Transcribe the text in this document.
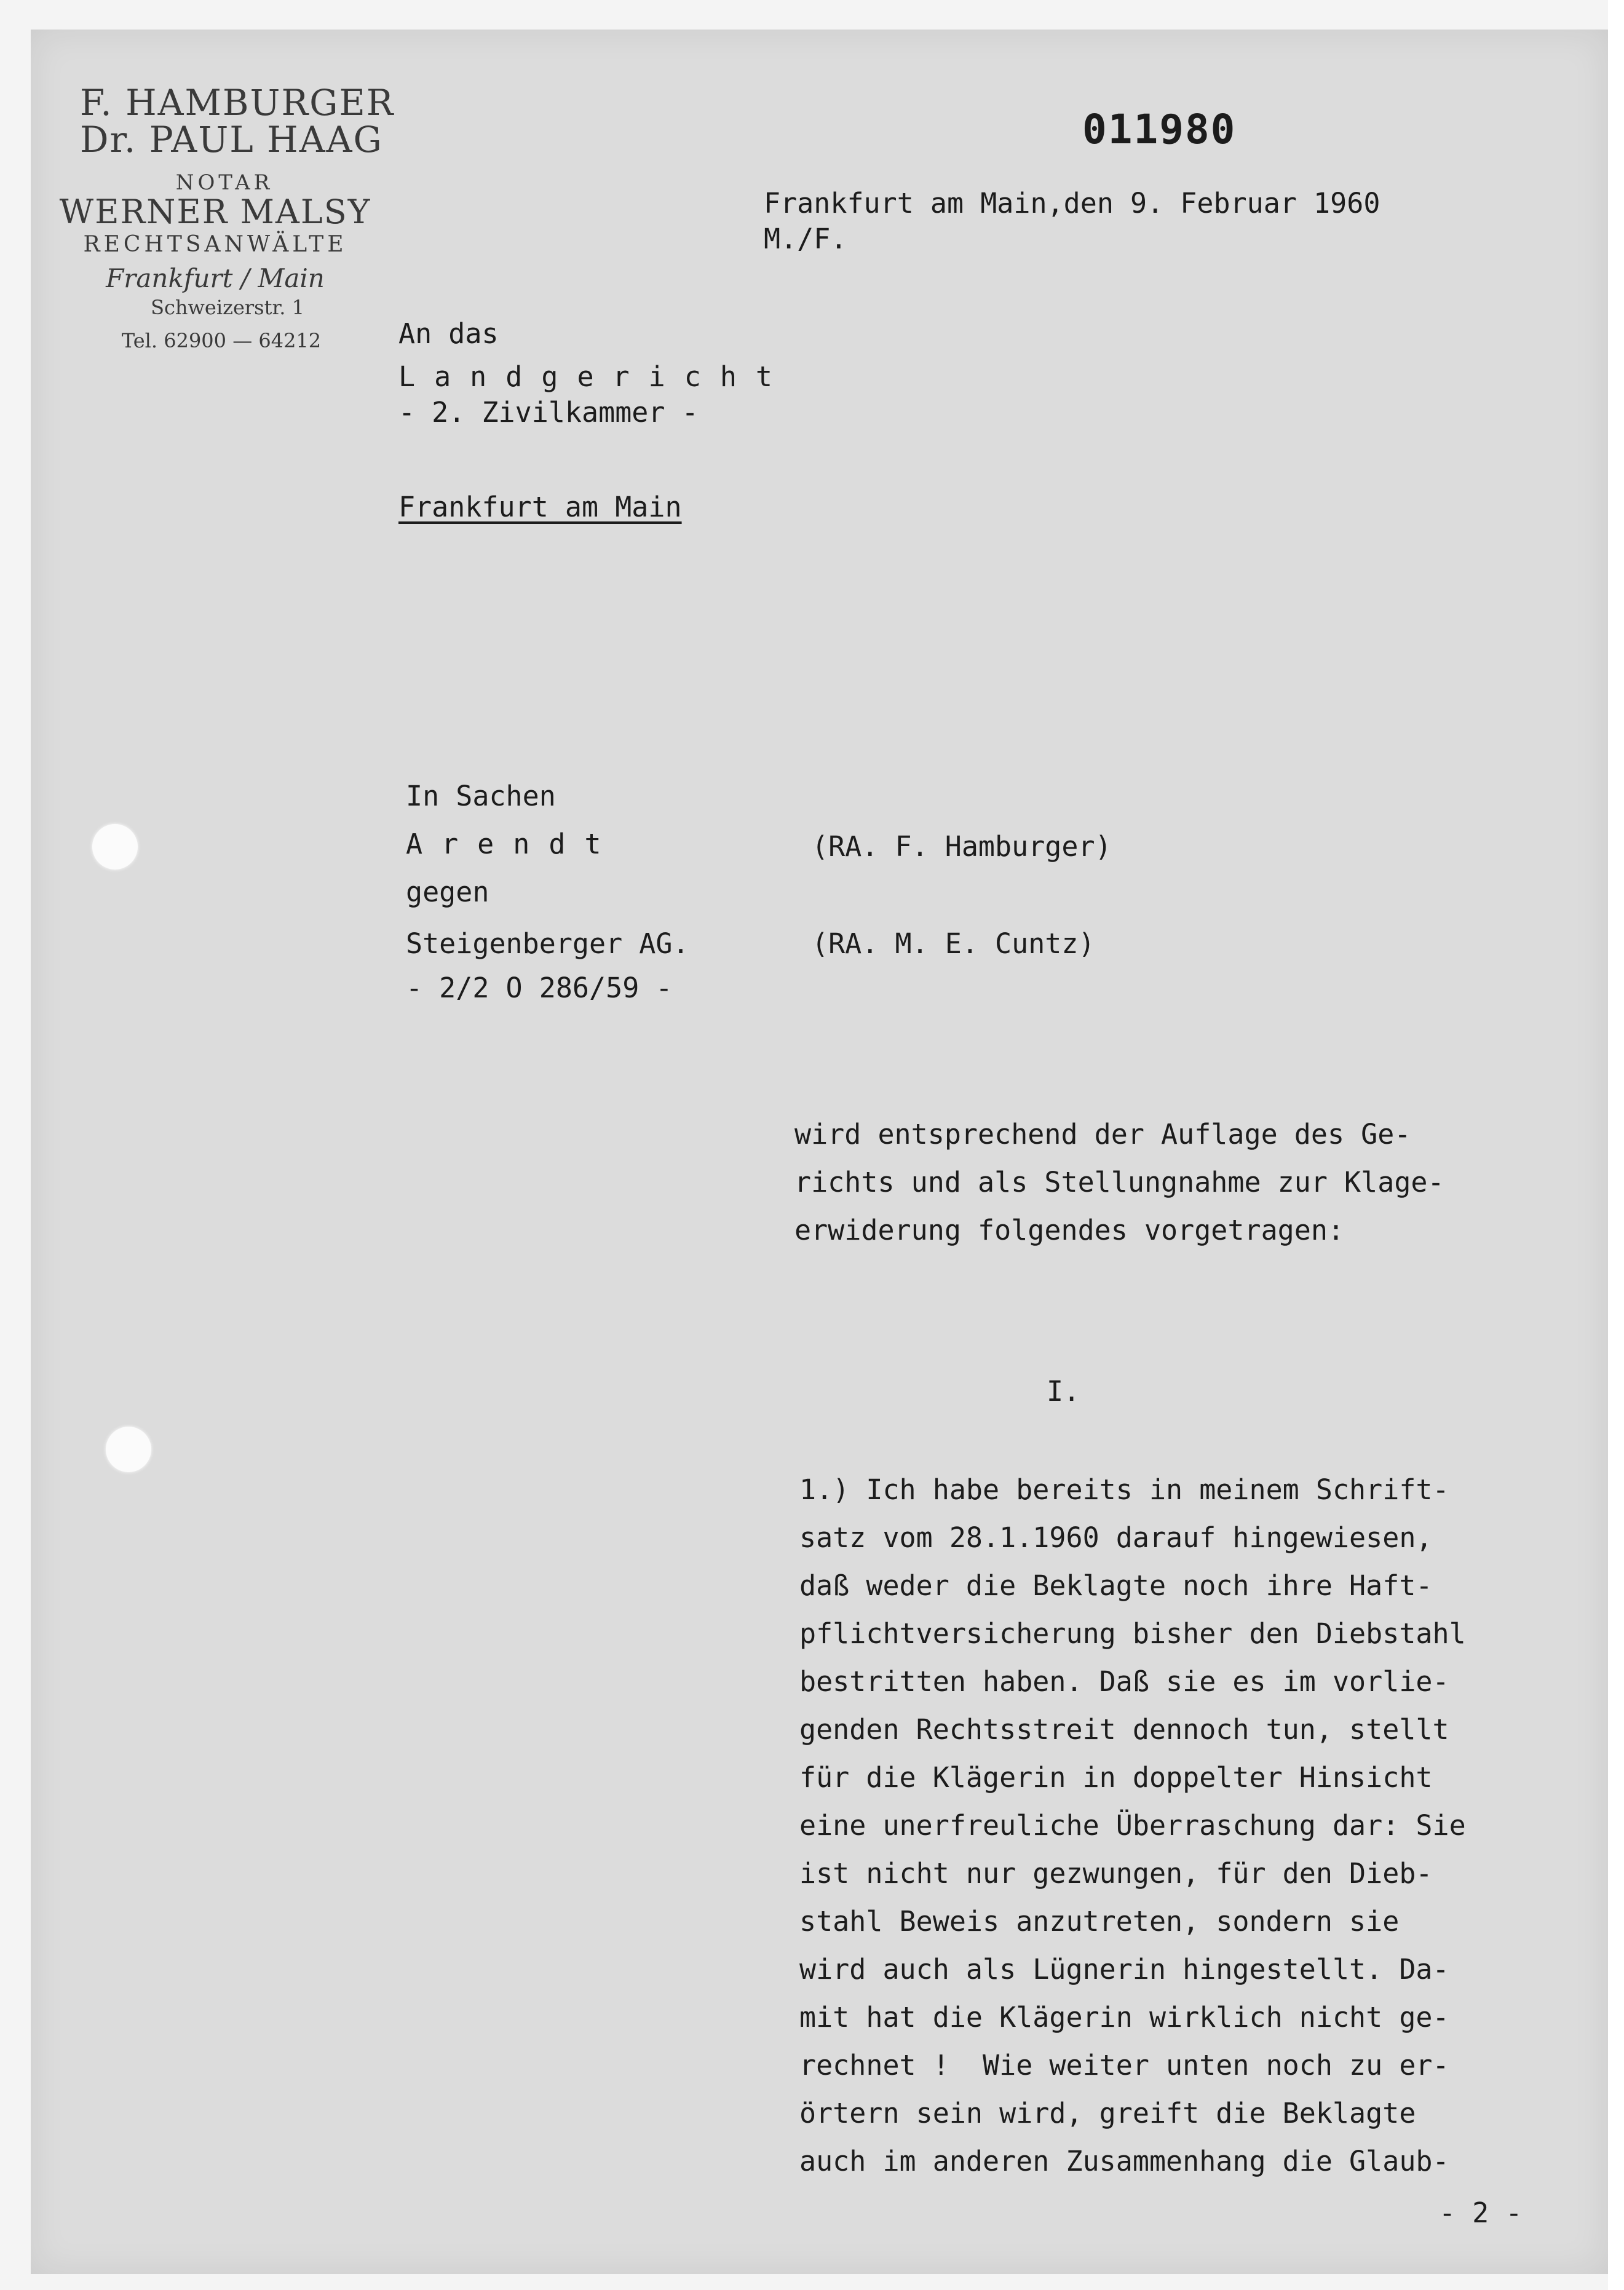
F. HAMBURGER
Dr. PAUL HAAG
NOTAR
WERNER MALSY
RECHTSANWÄLTE
Frankfurt / Main
Schweizerstr. 1
Tel. 62900 — 64212
011980
Frankfurt am Main,den 9. Februar 1960
M./F.
An das
Landgericht
- 2. Zivilkammer -
Frankfurt am Main
In Sachen
Arendt	(RA. F. Hamburger)
gegen
Steigenberger AG.	(RA. M. E. Cuntz)
- 2/2 O 286/59 -
wird entsprechend der Auflage des Ge-
richts und als Stellungnahme zur Klage-
erwiderung folgendes vorgetragen:
I.
1.) Ich habe bereits in meinem Schrift-
satz vom 28.1.1960 darauf hingewiesen,
daß weder die Beklagte noch ihre Haft-
pflichtversicherung bisher den Diebstahl
bestritten haben. Daß sie es im vorlie-
genden Rechtsstreit dennoch tun, stellt
für die Klägerin in doppelter Hinsicht
eine unerfreuliche Überraschung dar: Sie
ist nicht nur gezwungen, für den Dieb-
stahl Beweis anzutreten, sondern sie
wird auch als Lügnerin hingestellt. Da-
mit hat die Klägerin wirklich nicht ge-
rechnet !  Wie weiter unten noch zu er-
örtern sein wird, greift die Beklagte
auch im anderen Zusammenhang die Glaub-
- 2 -
